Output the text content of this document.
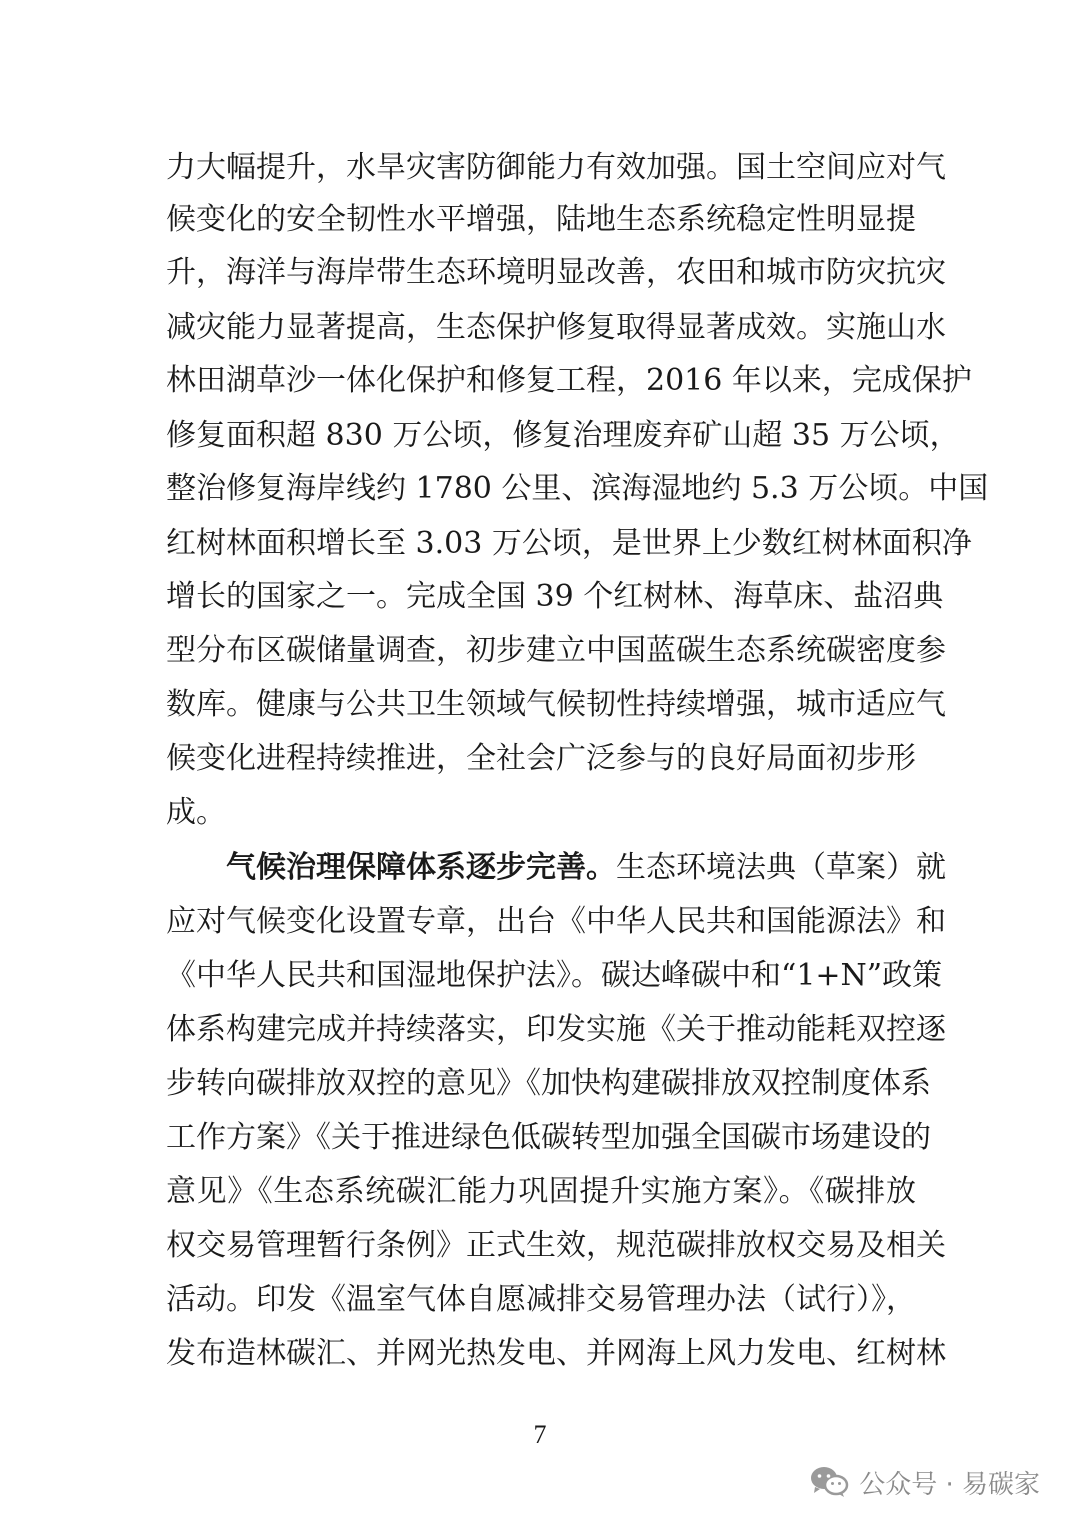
力大幅提升，水旱灾害防御能力有效加强。国土空间应对气
候变化的安全韧性水平增强，陆地生态系统稳定性明显提
升，海洋与海岸带生态环境明显改善，农田和城市防灾抗灾
减灾能力显著提高，生态保护修复取得显著成效。实施山水
林田湖草沙一体化保护和修复工程，2016 年以来，完成保护
修复面积超 830 万公顷，修复治理废弃矿山超 35 万公顷，
整治修复海岸线约 1780 公里、滨海湿地约 5.3 万公顷。中国
红树林面积增长至 3.03 万公顷，是世界上少数红树林面积净
增长的国家之一。完成全国 39 个红树林、海草床、盐沼典
型分布区碳储量调查，初步建立中国蓝碳生态系统碳密度参
数库。健康与公共卫生领域气候韧性持续增强，城市适应气
候变化进程持续推进，全社会广泛参与的良好局面初步形
成。
气候治理保障体系逐步完善。生态环境法典（草案）就
应对气候变化设置专章，出台《中华人民共和国能源法》和
《中华人民共和国湿地保护法》。碳达峰碳中和“1+N”政策
体系构建完成并持续落实，印发实施《关于推动能耗双控逐
步转向碳排放双控的意见》《加快构建碳排放双控制度体系
工作方案》《关于推进绿色低碳转型加强全国碳市场建设的
意见》《生态系统碳汇能力巩固提升实施方案》。《碳排放
权交易管理暂行条例》正式生效，规范碳排放权交易及相关
活动。印发《温室气体自愿减排交易管理办法（试行）》，
发布造林碳汇、并网光热发电、并网海上风力发电、红树林
7
公众号 · 易碳家
